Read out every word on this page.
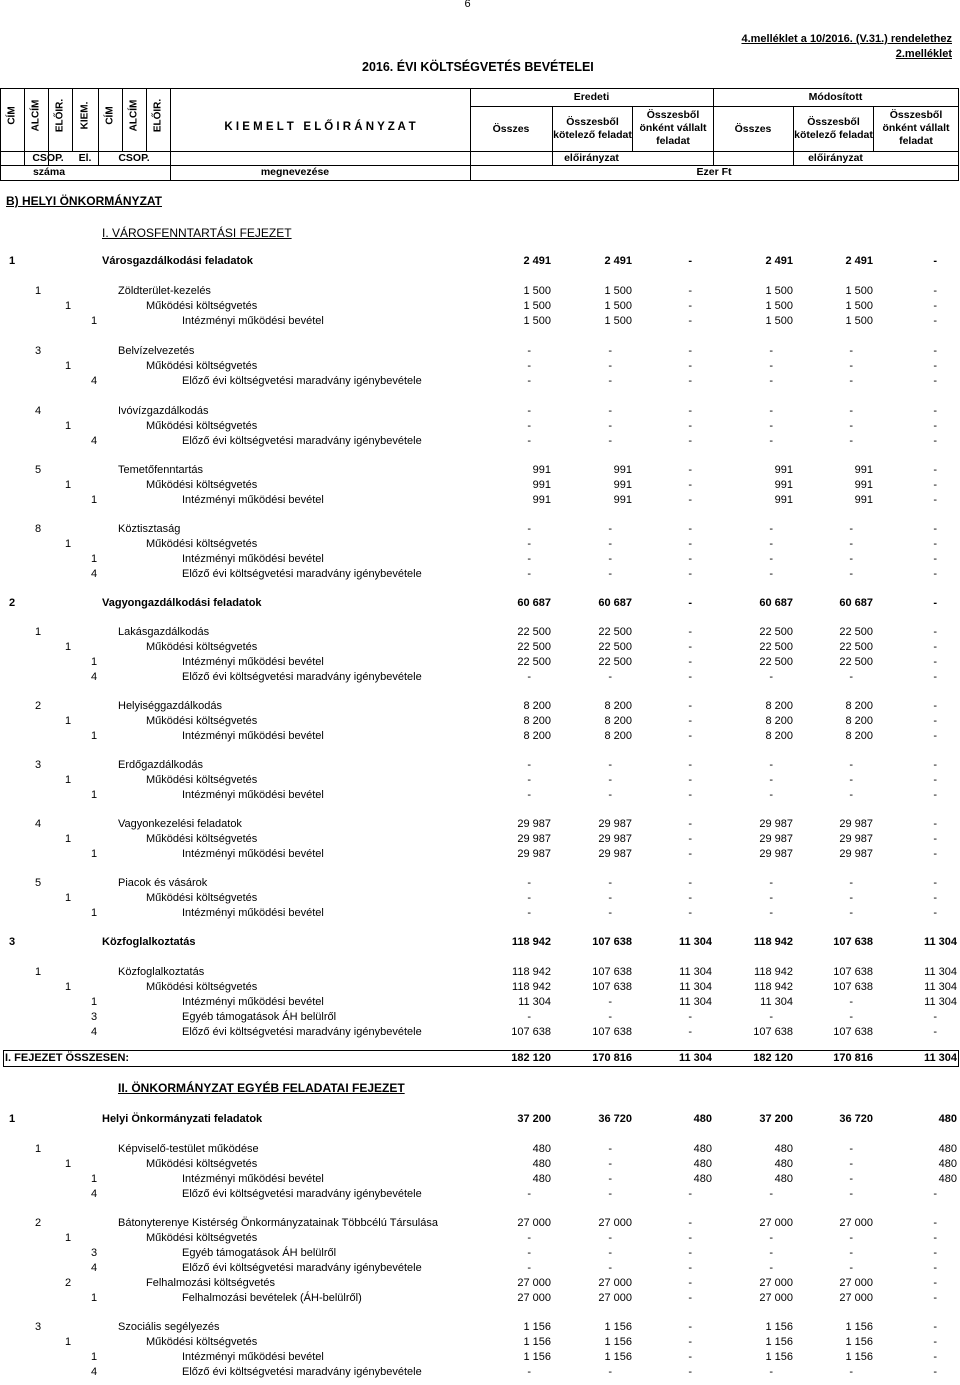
6
2016. ÉVI KÖLTSÉGVETÉS BEVÉTELEI
4.melléklet a 10/2016. (V.31.) rendelethez
2.melléklet
CÍM ALCÍM ELŐIR. KIEM. CÍM ALCÍM ELŐIR.
CSOP.	El.	CSOP.
száma
K I E M E L T   E L Ő I R Á N Y Z A T
megnevezése
Eredeti	Módosított
Összes
Összesből kötelező feladat
Összesből önként vállalt feladat
Összes
Összesből kötelező feladat
Összesből önként vállalt feladat
előirányzat	előirányzat
Ezer Ft
B) HELYI ÖNKORMÁNYZAT
I. VÁROSFENNTARTÁSI FEJEZET
II. ÖNKORMÁNYZAT EGYÉB FELADATAI FEJEZET
1	Városgazdálkodási feladatok	2 491	2 491	-	2 491	2 491	-
1	Zöldterület-kezelés	1 500	1 500	-	1 500	1 500	-
1	Működési költségvetés	1 500	1 500	-	1 500	1 500	-
1	Intézményi működési bevétel	1 500	1 500	-	1 500	1 500	-
3	Belvízelvezetés	-	-	-	-	-	-
1	Működési költségvetés	-	-	-	-	-	-
4	Előző évi költségvetési maradvány igénybevétele	-	-	-	-	-	-
4	Ivóvízgazdálkodás	-	-	-	-	-	-
1	Működési költségvetés	-	-	-	-	-	-
4	Előző évi költségvetési maradvány igénybevétele	-	-	-	-	-	-
5	Temetőfenntartás	991	991	-	991	991	-
1	Működési költségvetés	991	991	-	991	991	-
1	Intézményi működési bevétel	991	991	-	991	991	-
8	Köztisztaság	-	-	-	-	-	-
1	Működési költségvetés	-	-	-	-	-	-
1	Intézményi működési bevétel	-	-	-	-	-	-
4	Előző évi költségvetési maradvány igénybevétele	-	-	-	-	-	-
2	Vagyongazdálkodási feladatok	60 687	60 687	-	60 687	60 687	-
1	Lakásgazdálkodás	22 500	22 500	-	22 500	22 500	-
1	Működési költségvetés	22 500	22 500	-	22 500	22 500	-
1	Intézményi működési bevétel	22 500	22 500	-	22 500	22 500	-
4	Előző évi költségvetési maradvány igénybevétele	-	-	-	-	-	-
2	Helyiséggazdálkodás	8 200	8 200	-	8 200	8 200	-
1	Működési költségvetés	8 200	8 200	-	8 200	8 200	-
1	Intézményi működési bevétel	8 200	8 200	-	8 200	8 200	-
3	Erdőgazdálkodás	-	-	-	-	-	-
1	Működési költségvetés	-	-	-	-	-	-
1	Intézményi működési bevétel	-	-	-	-	-	-
4	Vagyonkezelési feladatok	29 987	29 987	-	29 987	29 987	-
1	Működési költségvetés	29 987	29 987	-	29 987	29 987	-
1	Intézményi működési bevétel	29 987	29 987	-	29 987	29 987	-
5	Piacok és vásárok	-	-	-	-	-	-
1	Működési költségvetés	-	-	-	-	-	-
1	Intézményi működési bevétel	-	-	-	-	-	-
3	Közfoglalkoztatás	118 942	107 638	11 304	118 942	107 638	11 304
1	Közfoglalkoztatás	118 942	107 638	11 304	118 942	107 638	11 304
1	Működési költségvetés	118 942	107 638	11 304	118 942	107 638	11 304
1	Intézményi működési bevétel	11 304	-	11 304	11 304	-	11 304
3	Egyéb támogatások ÁH belülről	-	-	-	-	-	-
4	Előző évi költségvetési maradvány igénybevétele	107 638	107 638	-	107 638	107 638	-
I. FEJEZET ÖSSZESEN:	182 120	170 816	11 304	182 120	170 816	11 304
1	Helyi Önkormányzati feladatok	37 200	36 720	480	37 200	36 720	480
1	Képviselő-testület működése	480	-	480	480	-	480
1	Működési költségvetés	480	-	480	480	-	480
1	Intézményi működési bevétel	480	-	480	480	-	480
4	Előző évi költségvetési maradvány igénybevétele	-	-	-	-	-	-
2	Bátonyterenye Kistérség Önkormányzatainak Többcélú Társulása	27 000	27 000	-	27 000	27 000	-
1	Működési költségvetés	-	-	-	-	-	-
3	Egyéb támogatások ÁH belülről	-	-	-	-	-	-
4	Előző évi költségvetési maradvány igénybevétele	-	-	-	-	-	-
2	Felhalmozási költségvetés	27 000	27 000	-	27 000	27 000	-
1	Felhalmozási bevételek (ÁH-belülről)	27 000	27 000	-	27 000	27 000	-
3	Szociális segélyezés	1 156	1 156	-	1 156	1 156	-
1	Működési költségvetés	1 156	1 156	-	1 156	1 156	-
1	Intézményi működési bevétel	1 156	1 156	-	1 156	1 156	-
4	Előző évi költségvetési maradvány igénybevétele	-	-	-	-	-	-
